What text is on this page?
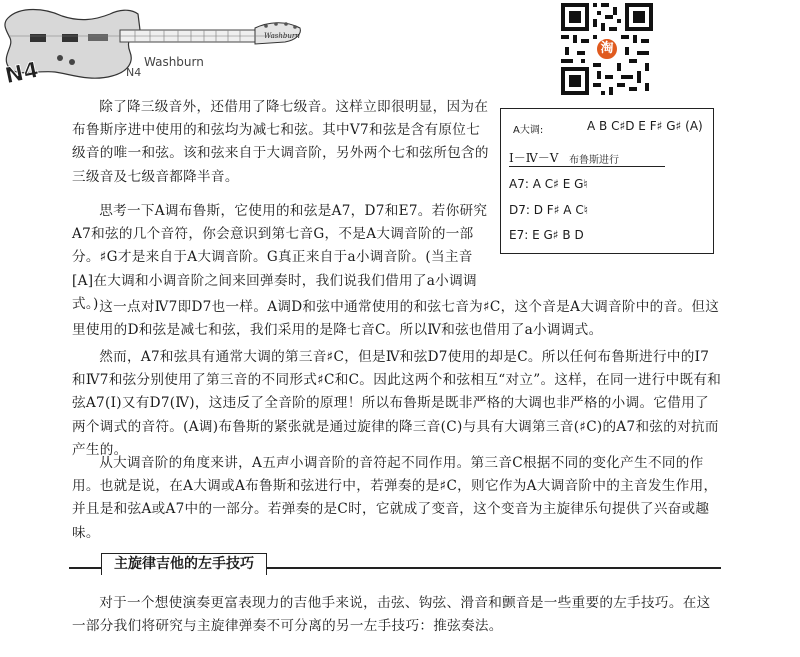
Washburn
N4	N4
Washburn
淘

除了降三级音外，还借用了降七级音。这样立即很明显，因为在布鲁斯序进中使用的和弦均为减七和弦。其中Ⅴ7和弦是含有原位七级音的唯一和弦。该和弦来自于大调音阶，另外两个七和弦所包含的三级音及七级音都降半音。

思考一下A调布鲁斯，它使用的和弦是A7，D7和E7。若你研究A7和弦的几个音符，你会意识到第七音G，不是A大调音阶的一部分。♯G才是来自于A大调音阶。G真正来自于a小调音阶。(当主音[A]在大调和小调音阶之间来回弹奏时，我们说我们借用了a小调调式。) 这一点对Ⅳ7即D7也一样。A调D和弦中通常使用的和弦七音为♯C，这个音是A大调音阶中的音。但这里使用的D和弦是减七和弦，我们采用的是降七音C。所以Ⅳ和弦也借用了a小调调式。

然而，A7和弦具有通常大调的第三音♯C，但是Ⅳ和弦D7使用的却是C。所以任何布鲁斯进行中的Ⅰ7和Ⅳ7和弦分别使用了第三音的不同形式♯C和C。因此这两个和弦相互“对立”。这样，在同一进行中既有和弦A7(Ⅰ)又有D7(Ⅳ)，这违反了全音阶的原理！所以布鲁斯是既非严格的大调也非严格的小调。它借用了两个调式的音符。(A调)布鲁斯的紧张就是通过旋律的降三音(C)与具有大调第三音(♯C)的A7和弦的对抗而产生的。

从大调音阶的角度来讲，A五声小调音阶的音符起不同作用。第三音C根据不同的变化产生不同的作用。也就是说，在A大调或A布鲁斯和弦进行中，若弹奏的是♯C，则它作为A大调音阶中的主音发生作用，并且是和弦A或A7中的一部分。若弹奏的是C时，它就成了变音，这个变音为主旋律乐句提供了兴奋或趣味。

A大调:	A B C♯D E F♯ G♯ (A)
Ⅰ－Ⅳ－Ⅴ 布鲁斯进行
A7: A C♯ E G♮
D7: D F♯ A C♮
E7: E G♯ B D
主旋律吉他的左手技巧

对于一个想使演奏更富表现力的吉他手来说，击弦、钩弦、滑音和颤音是一些重要的左手技巧。在这一部分我们将研究与主旋律弹奏不可分离的另一左手技巧：推弦奏法。
